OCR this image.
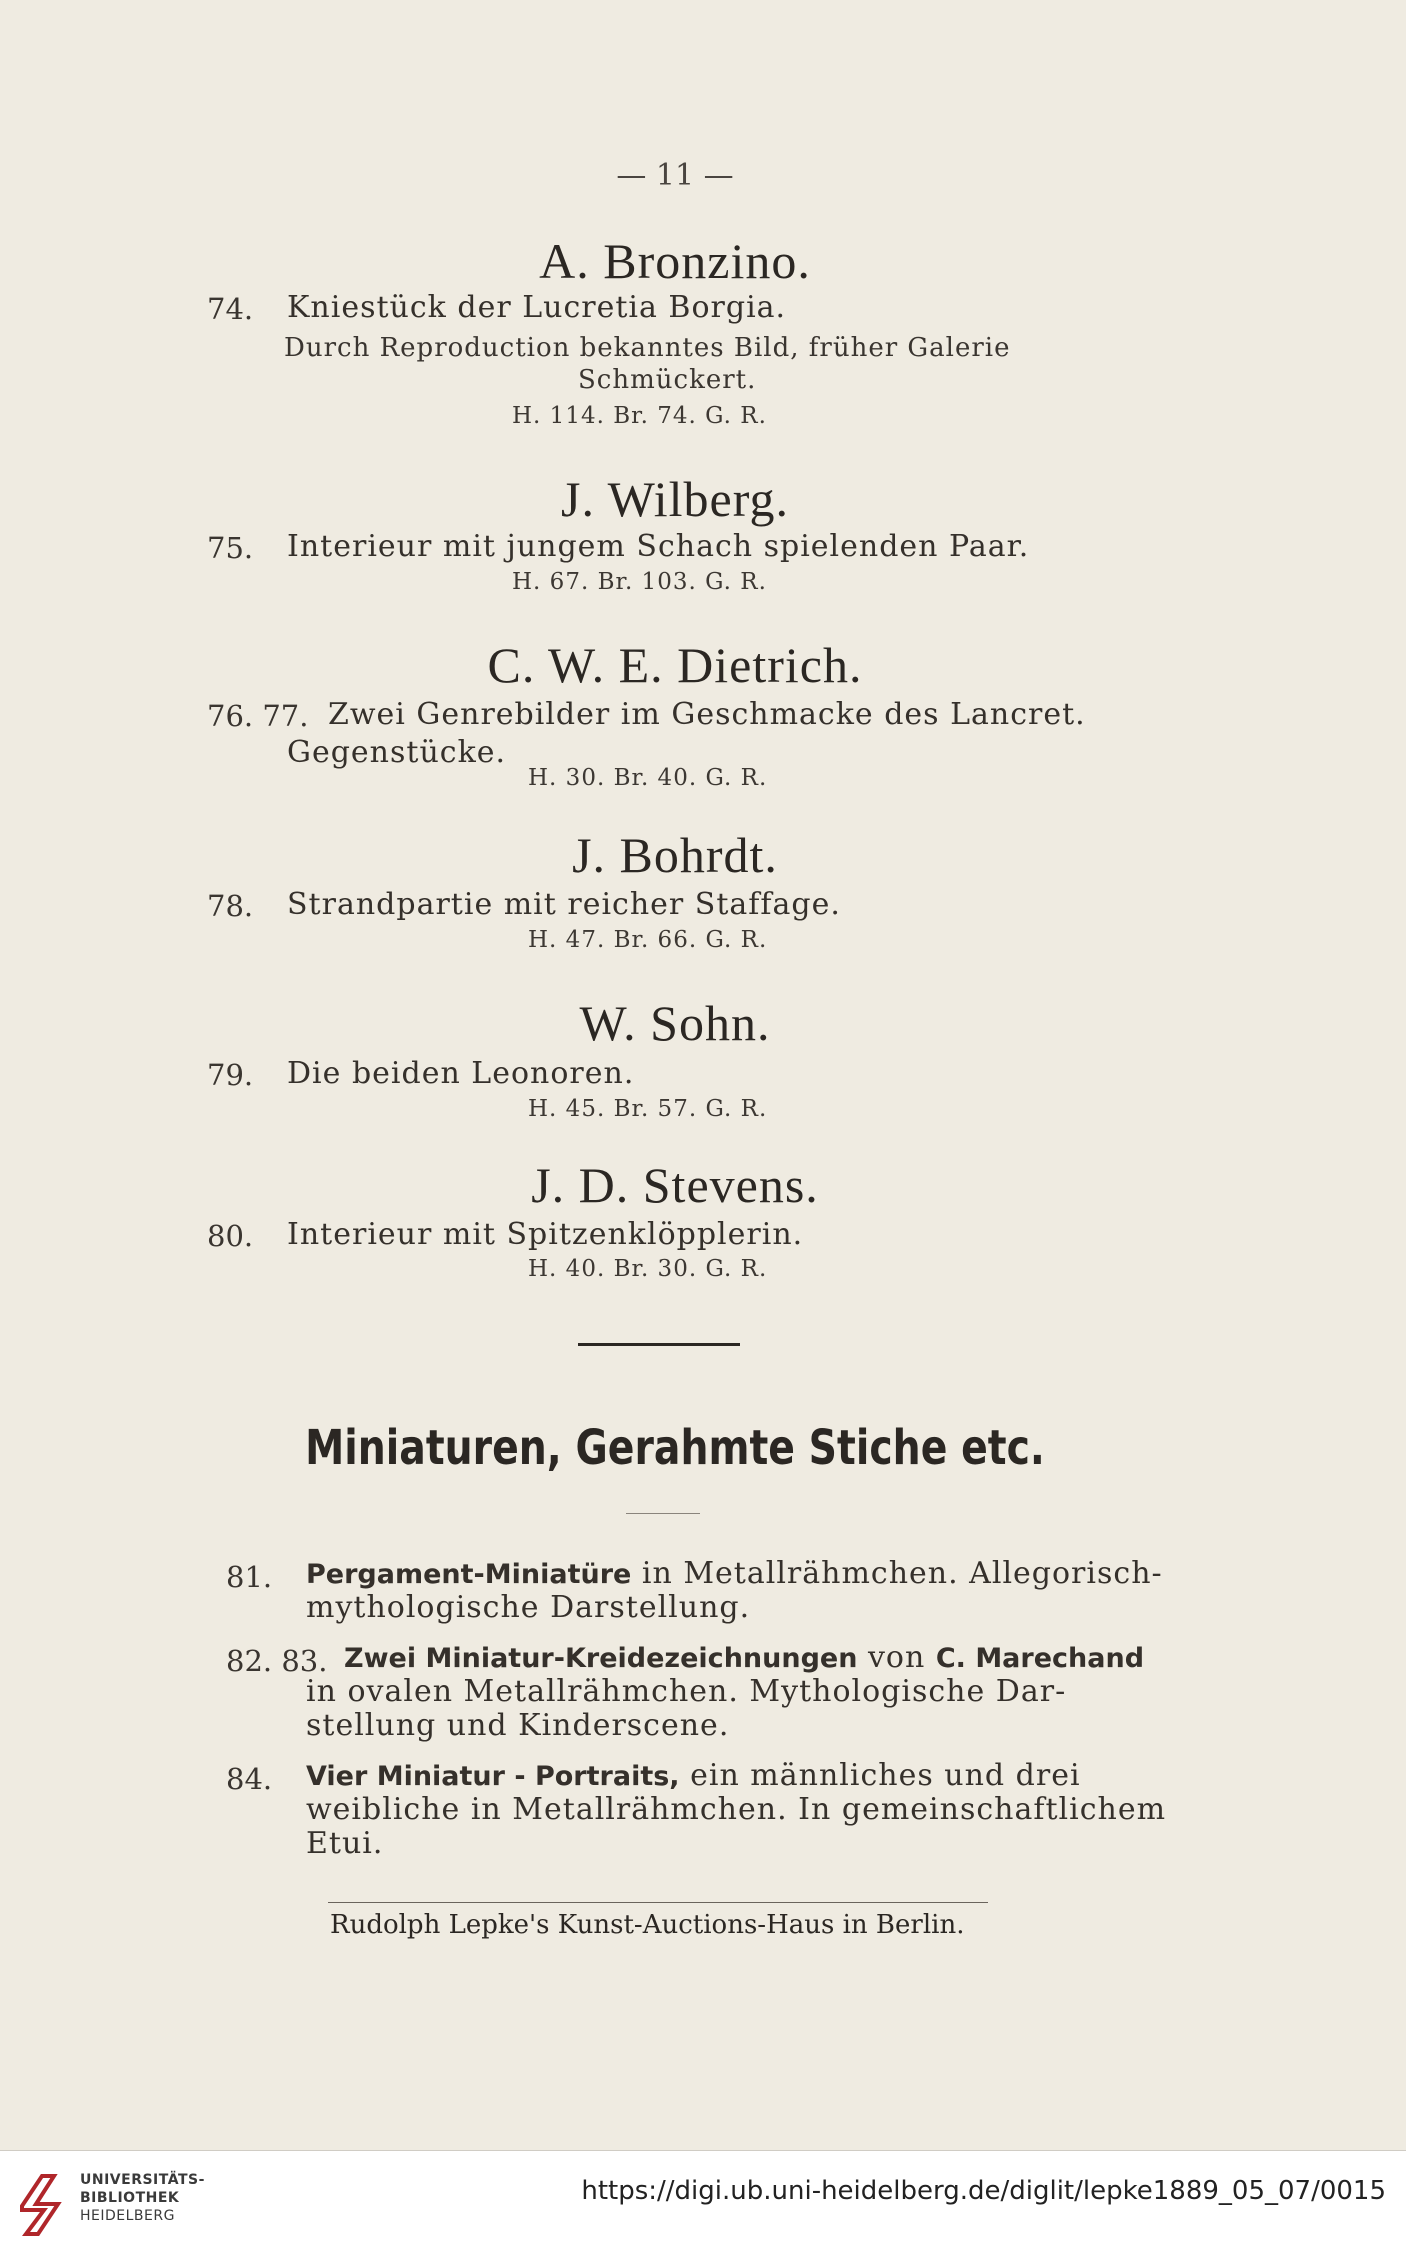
— 11 —
A. Bronzino.
74. Kniestück der Lucretia Borgia.
Durch Reproduction bekanntes Bild, früher Galerie
Schmückert.
H. 114. Br. 74. G. R.
J. Wilberg.
75. Interieur mit jungem Schach spielenden Paar.
H. 67. Br. 103. G. R.
C. W. E. Dietrich.
76. 77. Zwei Genrebilder im Geschmacke des Lancret.
Gegenstücke.
H. 30. Br. 40. G. R.
J. Bohrdt.
78. Strandpartie mit reicher Staffage.
H. 47. Br. 66. G. R.
W. Sohn.
79. Die beiden Leonoren.
H. 45. Br. 57. G. R.
J. D. Stevens.
80. Interieur mit Spitzenklöpplerin.
H. 40. Br. 30. G. R.
Miniaturen, Gerahmte Stiche etc.
81. Pergament-Miniatüre in Metallrähmchen. Allegorisch-
mythologische Darstellung.
82. 83. Zwei Miniatur-Kreidezeichnungen von C. Marechand
in ovalen Metallrähmchen. Mythologische Dar-
stellung und Kinderscene.
84. Vier Miniatur - Portraits, ein männliches und drei
weibliche in Metallrähmchen. In gemeinschaftlichem
Etui.
Rudolph Lepke's Kunst-Auctions-Haus in Berlin.
UNIVERSITÄTS-
BIBLIOTHEK
HEIDELBERG
https://digi.ub.uni-heidelberg.de/diglit/lepke1889_05_07/0015
